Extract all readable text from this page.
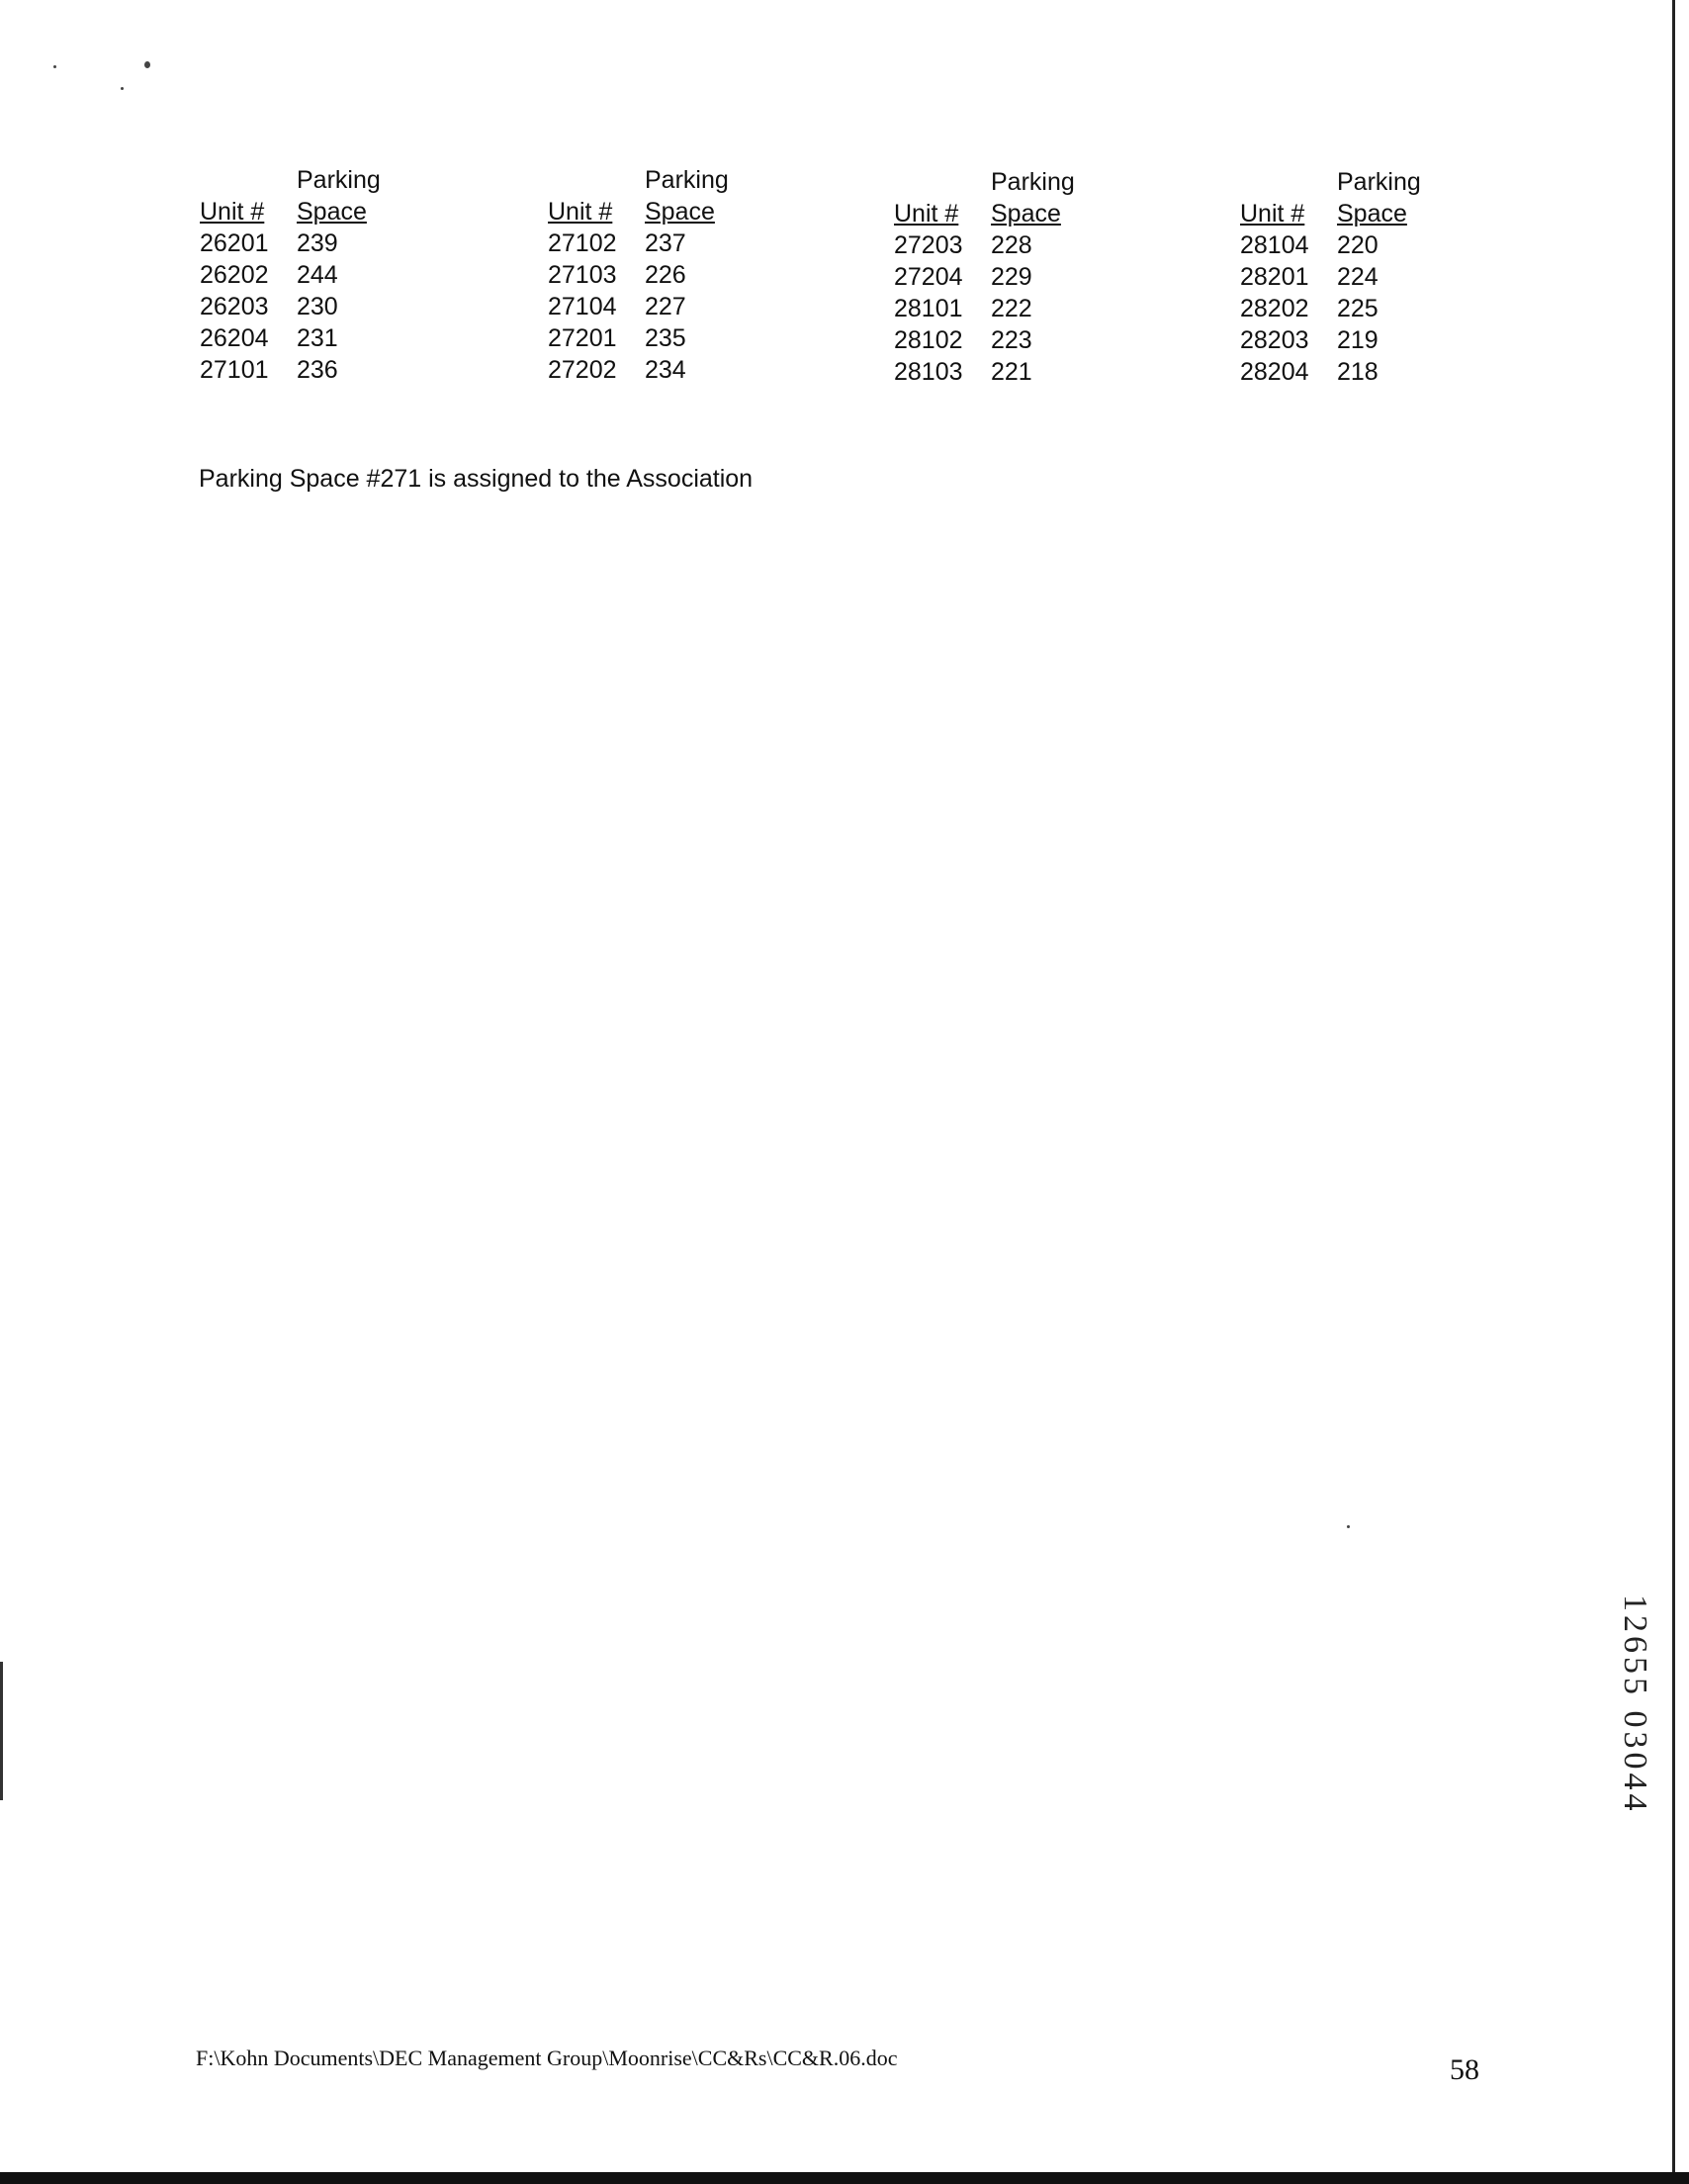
Parking
Unit # Space
26201 239
26202 244
26203 230
26204 231
27101 236
Parking
Unit # Space
27102 237
27103 226
27104 227
27201 235
27202 234
Parking
Unit # Space
27203 228
27204 229
28101 222
28102 223
28103 221
Parking
Unit # Space
28104 220
28201 224
28202 225
28203 219
28204 218
Parking Space #271 is assigned to the Association
12655 03044
F:\Kohn Documents\DEC Management Group\Moonrise\CC&Rs\CC&R.06.doc	58
